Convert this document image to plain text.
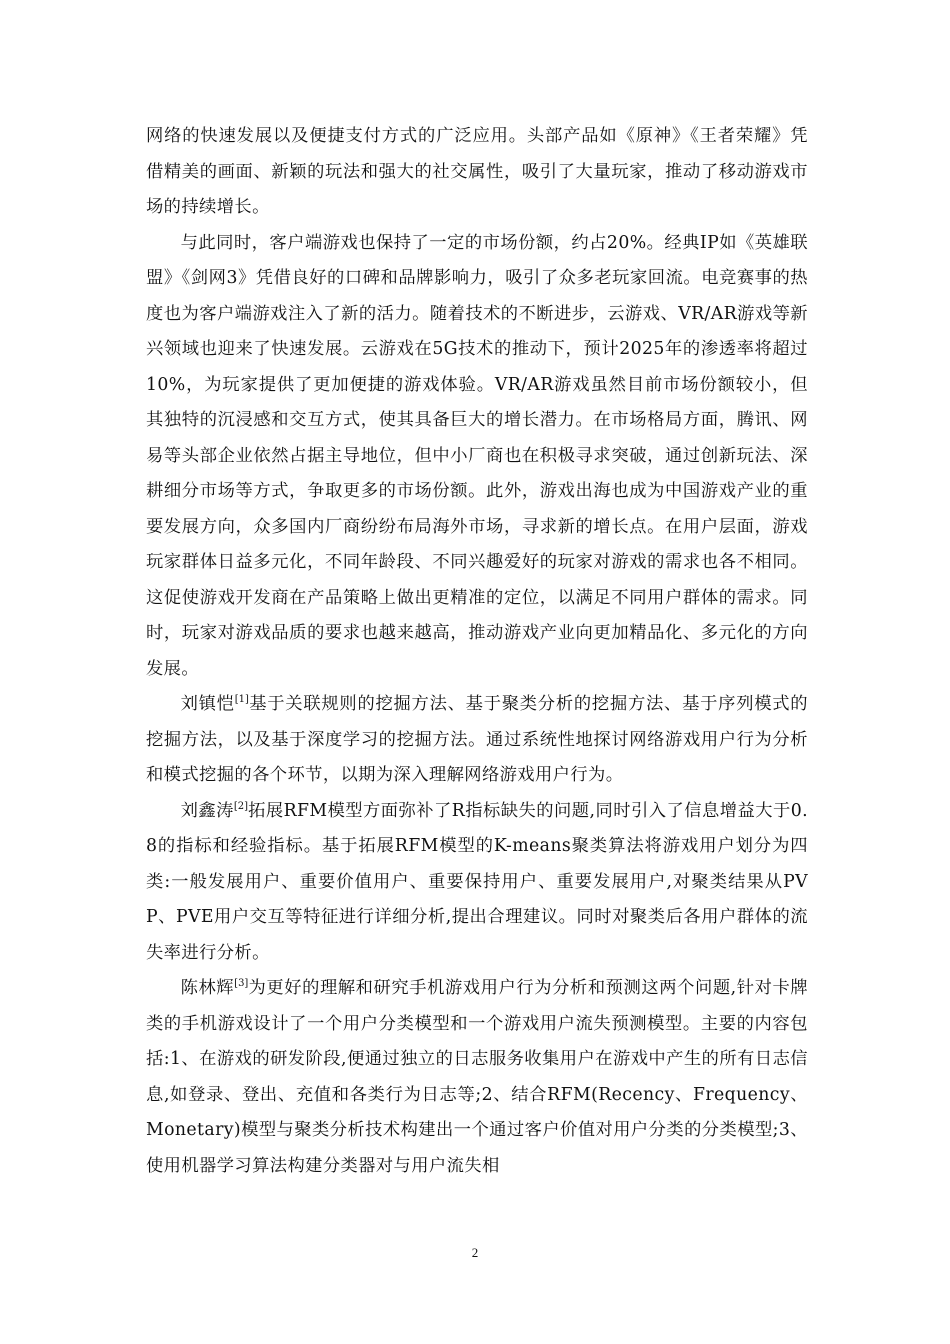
网络的快速发展以及便捷支付方式的广泛应用。头部产品如《原神》《王者荣耀》凭借精美的画面、新颖的玩法和强大的社交属性，吸引了大量玩家，推动了移动游戏市场的持续增长。

与此同时，客户端游戏也保持了一定的市场份额，约占20%。经典IP如《英雄联盟》《剑网3》凭借良好的口碑和品牌影响力，吸引了众多老玩家回流。电竞赛事的热度也为客户端游戏注入了新的活力。随着技术的不断进步，云游戏、VR/AR游戏等新兴领域也迎来了快速发展。云游戏在5G技术的推动下，预计2025年的渗透率将超过10%，为玩家提供了更加便捷的游戏体验。VR/AR游戏虽然目前市场份额较小，但其独特的沉浸感和交互方式，使其具备巨大的增长潜力。在市场格局方面，腾讯、网易等头部企业依然占据主导地位，但中小厂商也在积极寻求突破，通过创新玩法、深耕细分市场等方式，争取更多的市场份额。此外，游戏出海也成为中国游戏产业的重要发展方向，众多国内厂商纷纷布局海外市场，寻求新的增长点。在用户层面，游戏玩家群体日益多元化，不同年龄段、不同兴趣爱好的玩家对游戏的需求也各不相同。这促使游戏开发商在产品策略上做出更精准的定位，以满足不同用户群体的需求。同时，玩家对游戏品质的要求也越来越高，推动游戏产业向更加精品化、多元化的方向发展。

刘镇恺[1]基于关联规则的挖掘方法、基于聚类分析的挖掘方法、基于序列模式的挖掘方法，以及基于深度学习的挖掘方法。通过系统性地探讨网络游戏用户行为分析和模式挖掘的各个环节，以期为深入理解网络游戏用户行为。

刘鑫涛[2]拓展RFM模型方面弥补了R指标缺失的问题,同时引入了信息增益大于0.8的指标和经验指标。基于拓展RFM模型的K-means聚类算法将游戏用户划分为四类:一般发展用户、重要价值用户、重要保持用户、重要发展用户,对聚类结果从PVP、PVE用户交互等特征进行详细分析,提出合理建议。同时对聚类后各用户群体的流失率进行分析。

陈林辉[3]为更好的理解和研究手机游戏用户行为分析和预测这两个问题,针对卡牌类的手机游戏设计了一个用户分类模型和一个游戏用户流失预测模型。主要的内容包括:1、在游戏的研发阶段,便通过独立的日志服务收集用户在游戏中产生的所有日志信息,如登录、登出、充值和各类行为日志等;2、结合RFM(Recency、Frequency、Monetary)模型与聚类分析技术构建出一个通过客户价值对用户分类的分类模型;3、使用机器学习算法构建分类器对与用户流失相

2
